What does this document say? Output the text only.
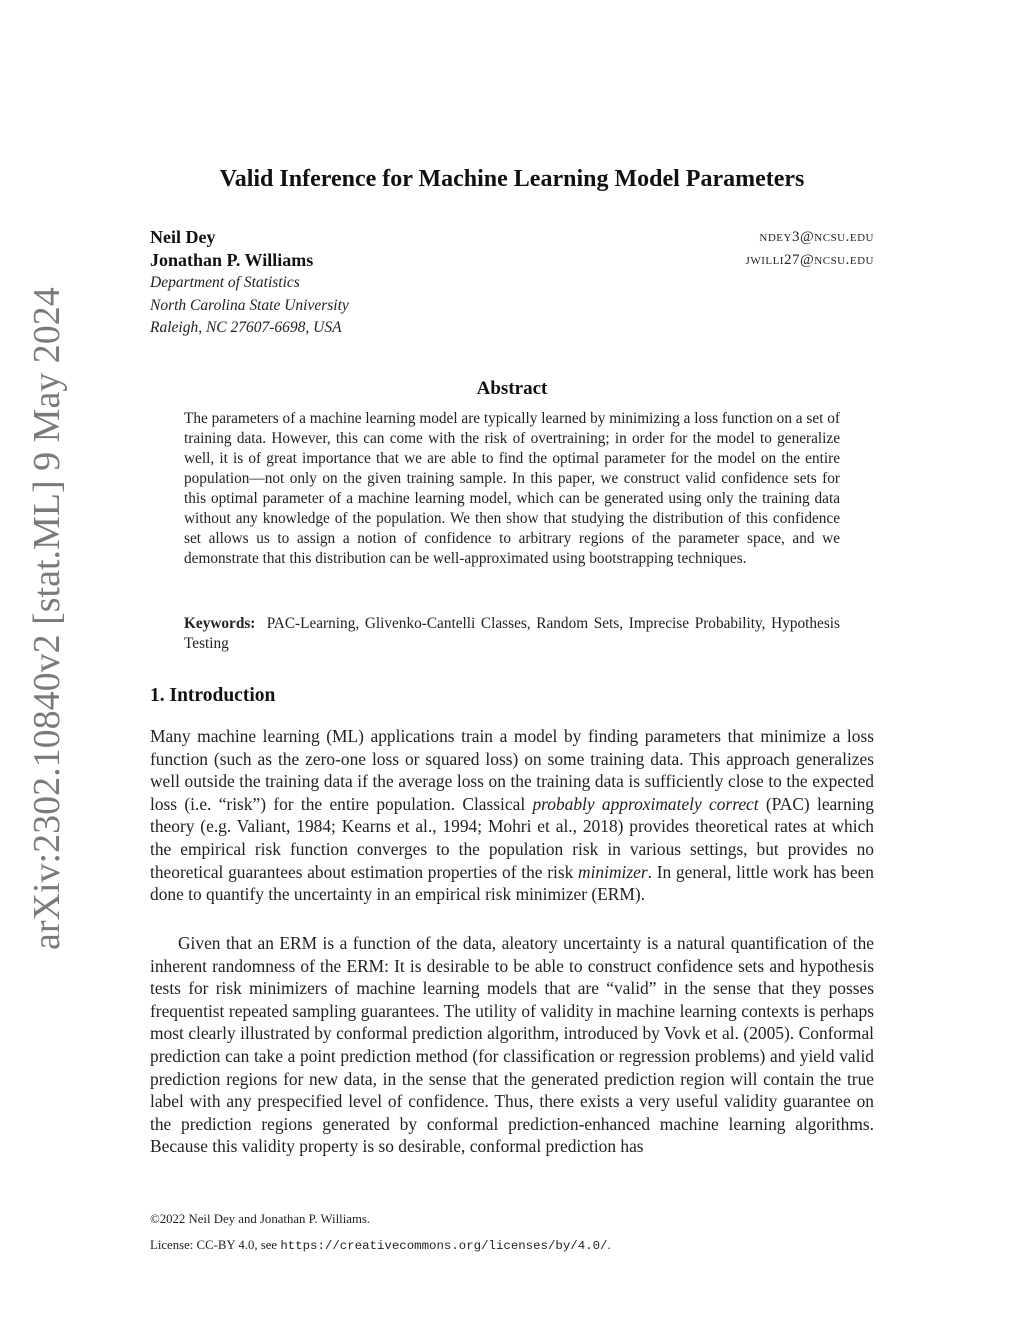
arXiv:2302.10840v2 [stat.ML] 9 May 2024
Valid Inference for Machine Learning Model Parameters
Neil Dey	ndey3@ncsu.edu
Jonathan P. Williams	jwilli27@ncsu.edu
Department of Statistics
North Carolina State University
Raleigh, NC 27607-6698, USA
Abstract

The parameters of a machine learning model are typically learned by minimizing a loss function on a set of training data. However, this can come with the risk of overtraining; in order for the model to generalize well, it is of great importance that we are able to find the optimal parameter for the model on the entire population—not only on the given training sample. In this paper, we construct valid confidence sets for this optimal parameter of a machine learning model, which can be generated using only the training data without any knowledge of the population. We then show that studying the distribution of this confidence set allows us to assign a notion of confidence to arbitrary regions of the parameter space, and we demonstrate that this distribution can be well-approximated using bootstrapping techniques.

Keywords: PAC-Learning, Glivenko-Cantelli Classes, Random Sets, Imprecise Probability, Hypothesis Testing

1. Introduction

Many machine learning (ML) applications train a model by finding parameters that minimize a loss function (such as the zero-one loss or squared loss) on some training data. This approach generalizes well outside the training data if the average loss on the training data is sufficiently close to the expected loss (i.e. “risk”) for the entire population. Classical probably approximately correct (PAC) learning theory (e.g. Valiant, 1984; Kearns et al., 1994; Mohri et al., 2018) provides theoretical rates at which the empirical risk function converges to the population risk in various settings, but provides no theoretical guarantees about estimation properties of the risk minimizer. In general, little work has been done to quantify the uncertainty in an empirical risk minimizer (ERM).

Given that an ERM is a function of the data, aleatory uncertainty is a natural quantification of the inherent randomness of the ERM: It is desirable to be able to construct confidence sets and hypothesis tests for risk minimizers of machine learning models that are “valid” in the sense that they posses frequentist repeated sampling guarantees. The utility of validity in machine learning contexts is perhaps most clearly illustrated by conformal prediction algorithm, introduced by Vovk et al. (2005). Conformal prediction can take a point prediction method (for classification or regression problems) and yield valid prediction regions for new data, in the sense that the generated prediction region will contain the true label with any prespecified level of confidence. Thus, there exists a very useful validity guarantee on the prediction regions generated by conformal prediction-enhanced machine learning algorithms. Because this validity property is so desirable, conformal prediction has

©2022 Neil Dey and Jonathan P. Williams.
License: CC-BY 4.0, see https://creativecommons.org/licenses/by/4.0/.
